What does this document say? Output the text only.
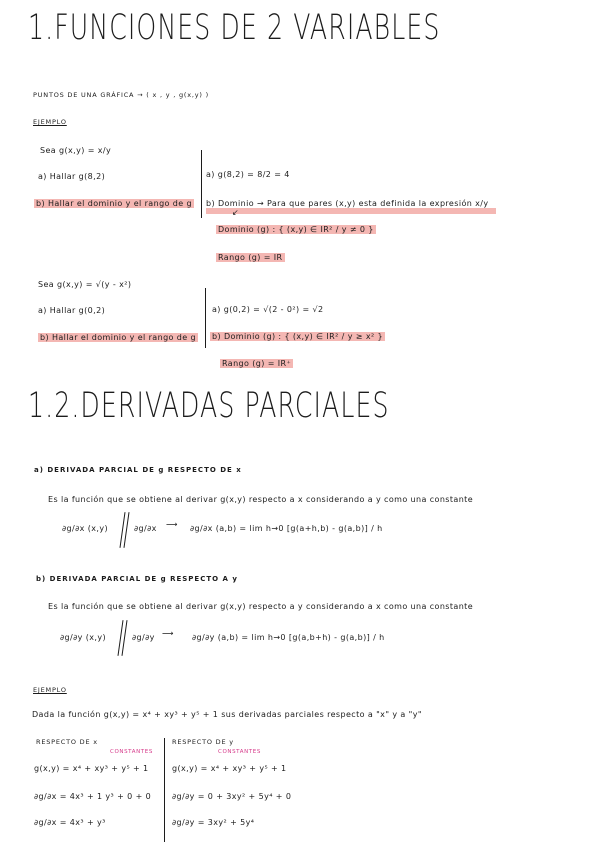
1.FUNCIONES DE 2 VARIABLES
PUNTOS DE UNA GRÁFICA → ( x , y , g(x,y) )
EJEMPLO
Sea g(x,y) = x/y
a) Hallar g(8,2)
b) Hallar el dominio y el rango de g
a) g(8,2) = 8/2 = 4
b) Dominio → Para que pares (x,y) esta definida la expresión x/y
↙
Dominio (g) : { (x,y) ∈ IR² / y ≠ 0 }
Rango (g) = IR
Sea g(x,y) = √(y - x²)
a) Hallar g(0,2)
b) Hallar el dominio y el rango de g
a) g(0,2) = √(2 - 0²) = √2
b) Dominio (g) : { (x,y) ∈ IR² / y ≥ x² }
Rango (g) = IR⁺
1.2.DERIVADAS PARCIALES
a) DERIVADA PARCIAL DE g RESPECTO DE x
Es la función que se obtiene al derivar g(x,y) respecto a x considerando a y como una constante
∂g/∂x (x,y)	∂g/∂x ⟶ ∂g/∂x (a,b) = lim h→0 [g(a+h,b) - g(a,b)] / h
b) DERIVADA PARCIAL DE g RESPECTO A y
Es la función que se obtiene al derivar g(x,y) respecto a y considerando a x como una constante
∂g/∂y (x,y)	∂g/∂y ⟶ ∂g/∂y (a,b) = lim h→0 [g(a,b+h) - g(a,b)] / h
EJEMPLO
Dada la función g(x,y) = x⁴ + xy³ + y⁵ + 1 sus derivadas parciales respecto a "x" y a "y"
RESPECTO DE x
CONSTANTES
g(x,y) = x⁴ + xy³ + y⁵ + 1
∂g/∂x = 4x³ + 1 y³ + 0 + 0
∂g/∂x = 4x³ + y³
RESPECTO DE y
CONSTANTES
g(x,y) = x⁴ + xy³ + y⁵ + 1
∂g/∂y = 0 + 3xy² + 5y⁴ + 0
∂g/∂y = 3xy² + 5y⁴
